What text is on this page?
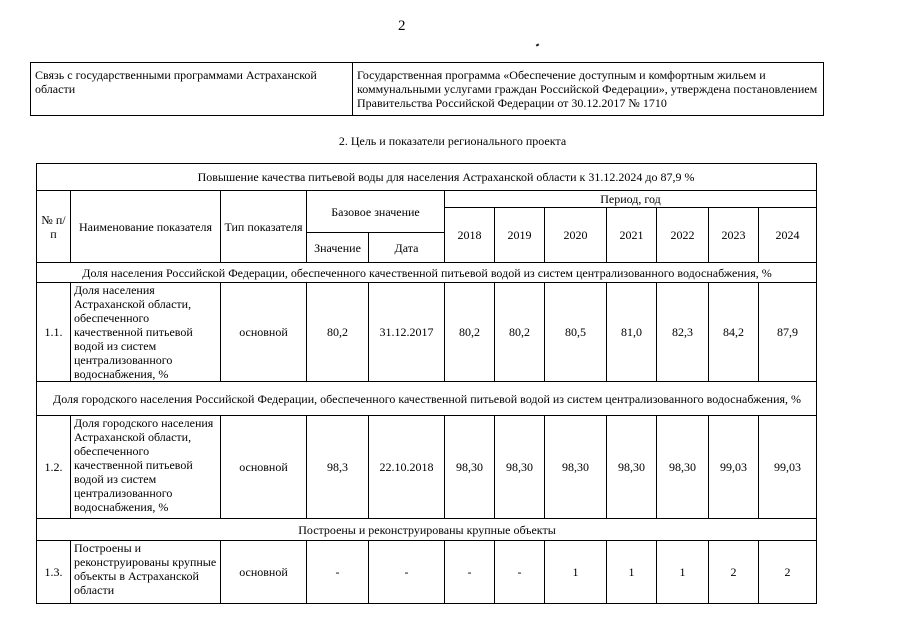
2
Связь с государственными программами Астраханской области	Государственная программа «Обеспечение доступным и комфортным жильем и коммунальными услугами граждан Российской Федерации», утверждена постановлением Правительства Российской Федерации от 30.12.2017 № 1710
2. Цель и показатели регионального проекта
Повышение качества питьевой воды для населения Астраханской области к 31.12.2024 до 87,9 %											
№ п/п	Наименование показателя	Тип показателя	Базовое значение		Период, год						
					2018	2019	2020	2021	2022	2023	2024
			Значение	Дата							
Доля населения Российской Федерации, обеспеченного качественной питьевой водой из систем централизованного водоснабжения, %											
1.1.	Доля населения Астраханской области, обеспеченного качественной питьевой водой из систем централизованного водоснабжения, %	основной	80,2	31.12.2017	80,2	80,2	80,5	81,0	82,3	84,2	87,9
Доля городского населения Российской Федерации, обеспеченного качественной питьевой водой из систем централизованного водоснабжения, %											
1.2.	Доля городского населения Астраханской области, обеспеченного качественной питьевой водой из систем централизованного водоснабжения, %	основной	98,3	22.10.2018	98,30	98,30	98,30	98,30	98,30	99,03	99,03
Построены и реконструированы крупные объекты											
1.3.	Построены и реконструированы крупные объекты в Астраханской области	основной	-	-	-	-	1	1	1	2	2
